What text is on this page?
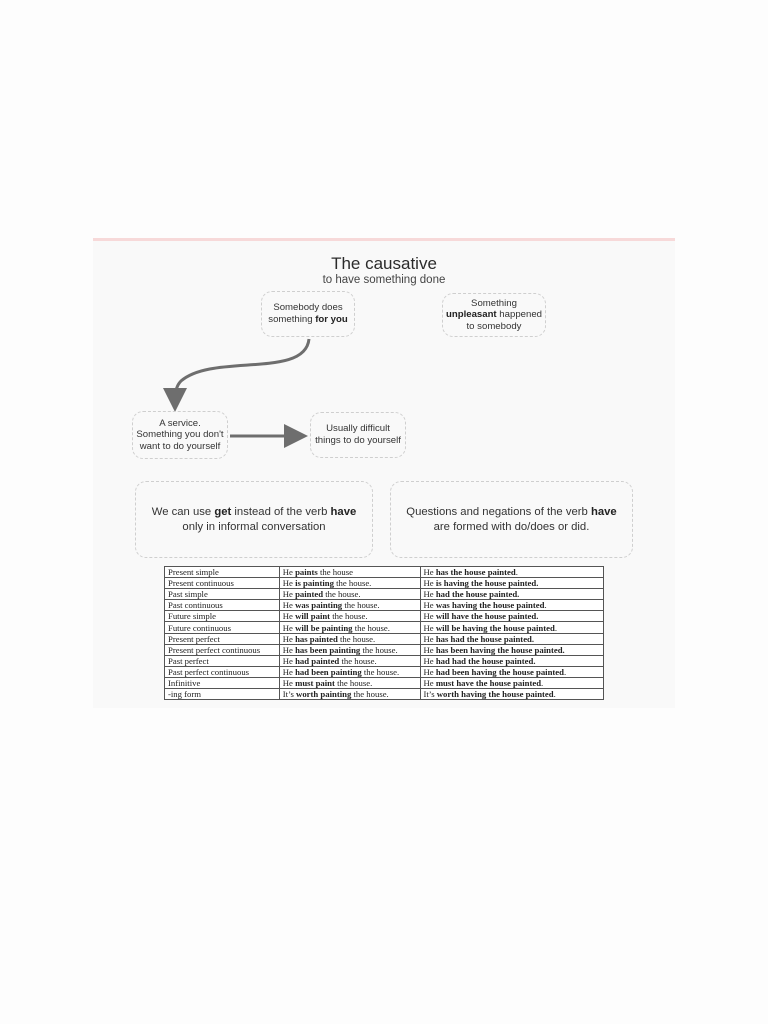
The causative
to have something done
Somebody does
something for you
Something
unpleasant happened
to somebody
A service.
Something you don't
want to do yourself
Usually difficult
things to do yourself
We can use get instead of the verb have
only in informal conversation
Questions and negations of the verb have
are formed with do/does or did.
Present simple	He paints the house	He has the house painted.
Present continuous	He is painting the house.	He is having the house painted.
Past simple	He painted the house.	He had the house painted.
Past continuous	He was painting the house.	He was having the house painted.
Future simple	He will paint the house.	He will have the house painted.
Future continuous	He will be painting the house.	He will be having the house painted.
Present perfect	He has painted the house.	He has had the house painted.
Present perfect continuous	He has been painting the house.	He has been having the house painted.
Past perfect	He had painted the house.	He had had the house painted.
Past perfect continuous	He had been painting the house.	He had been having the house painted.
Infinitive	He must paint the house.	He must have the house painted.
-ing form	It’s worth painting the house.	It’s worth having the house painted.
